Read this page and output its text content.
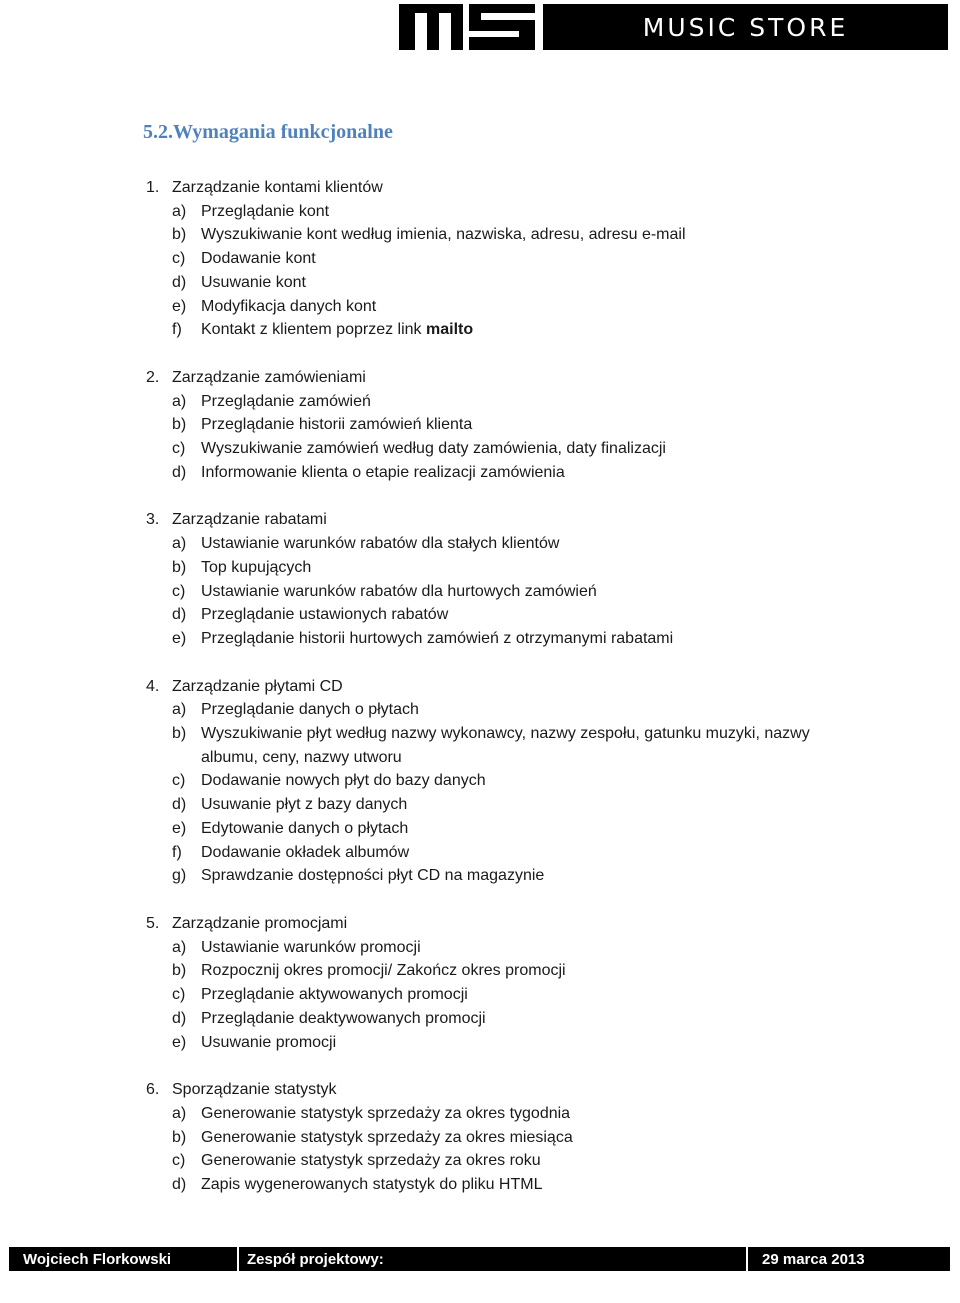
MUSIC STORE
5.2.Wymagania funkcjonalne
1. Zarządzanie kontami klientów
a) Przeglądanie kont
b) Wyszukiwanie kont według imienia, nazwiska, adresu, adresu e-mail
c) Dodawanie kont
d) Usuwanie kont
e) Modyfikacja danych kont
f)	Kontakt z klientem poprzez link mailto
2. Zarządzanie zamówieniami
a) Przeglądanie zamówień
b) Przeglądanie historii zamówień klienta
c) Wyszukiwanie zamówień według daty zamówienia, daty finalizacji
d) Informowanie klienta o etapie realizacji zamówienia
3. Zarządzanie rabatami
a) Ustawianie warunków rabatów dla stałych klientów
b) Top kupujących
c) Ustawianie warunków rabatów dla hurtowych zamówień
d) Przeglądanie ustawionych rabatów
e) Przeglądanie historii hurtowych zamówień z otrzymanymi rabatami
4. Zarządzanie płytami CD
a) Przeglądanie danych o płytach
b) Wyszukiwanie płyt według nazwy wykonawcy, nazwy zespołu, gatunku muzyki, nazwy albumu, ceny, nazwy utworu
c) Dodawanie nowych płyt do bazy danych
d) Usuwanie płyt z bazy danych
e) Edytowanie danych o płytach
f)	Dodawanie okładek albumów
g) Sprawdzanie dostępności płyt CD na magazynie
5. Zarządzanie promocjami
a) Ustawianie warunków promocji
b) Rozpocznij okres promocji/ Zakończ okres promocji
c) Przeglądanie aktywowanych promocji
d) Przeglądanie deaktywowanych promocji
e) Usuwanie promocji
6. Sporządzanie statystyk
a) Generowanie statystyk sprzedaży za okres tygodnia
b) Generowanie statystyk sprzedaży za okres miesiąca
c) Generowanie statystyk sprzedaży za okres roku
d) Zapis wygenerowanych statystyk do pliku HTML
Wojciech Florkowski	Zespół projektowy:	29 marca 2013
